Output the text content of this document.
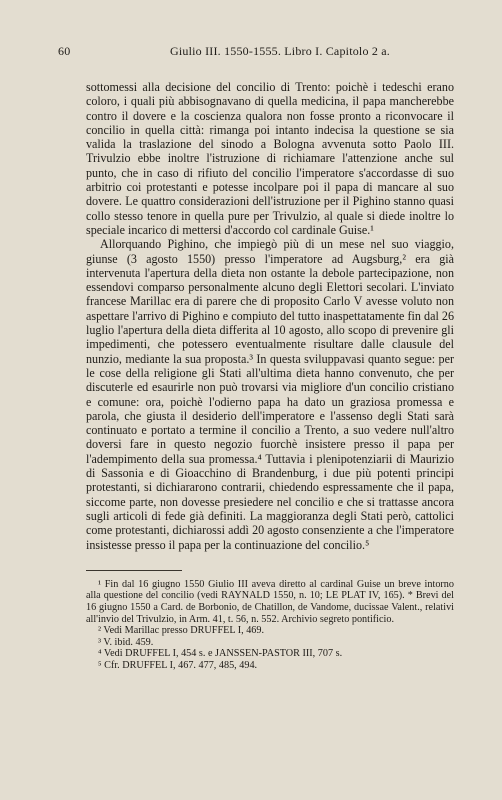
60	Giulio III. 1550-1555. Libro I. Capitolo 2 a.

sottomessi alla decisione del concilio di Trento: poichè i tedeschi erano coloro, i quali più abbisognavano di quella medicina, il papa mancherebbe contro il dovere e la coscienza qualora non fosse pronto a riconvocare il concilio in quella città: rimanga poi intanto indecisa la questione se sia valida la traslazione del sinodo a Bologna avvenuta sotto Paolo III. Trivulzio ebbe inoltre l'istruzione di richiamare l'attenzione anche sul punto, che in caso di rifiuto del concilio l'imperatore s'accordasse di suo arbitrio coi protestanti e potesse incolpare poi il papa di mancare al suo dovere. Le quattro considerazioni dell'istruzione per il Pighino stanno quasi collo stesso tenore in quella pure per Trivulzio, al quale si diede inoltre lo speciale incarico di mettersi d'accordo col cardinale Guise.¹

Allorquando Pighino, che impiegò più di un mese nel suo viaggio, giunse (3 agosto 1550) presso l'imperatore ad Augsburg,² era già intervenuta l'apertura della dieta non ostante la debole partecipazione, non essendovi comparso personalmente alcuno degli Elettori secolari. L'inviato francese Marillac era di parere che di proposito Carlo V avesse voluto non aspettare l'arrivo di Pighino e compiuto del tutto inaspettatamente fin dal 26 luglio l'apertura della dieta differita al 10 agosto, allo scopo di prevenire gli impedimenti, che potessero eventualmente risultare dalle clausule del nunzio, mediante la sua proposta.³ In questa sviluppavasi quanto segue: per le cose della religione gli Stati all'ultima dieta hanno convenuto, che per discuterle ed esaurirle non può trovarsi via migliore d'un concilio cristiano e comune: ora, poichè l'odierno papa ha dato un graziosa promessa e parola, che giusta il desiderio dell'imperatore e l'assenso degli Stati sarà continuato e portato a termine il concilio a Trento, a suo vedere null'altro doversi fare in questo negozio fuorchè insistere presso il papa per l'adempimento della sua promessa.⁴ Tuttavia i plenipotenziarii di Maurizio di Sassonia e di Gioacchino di Brandenburg, i due più potenti principi protestanti, si dichiararono contrarii, chiedendo espressamente che il papa, siccome parte, non dovesse presiedere nel concilio e che si trattasse ancora sugli articoli di fede già definiti. La maggioranza degli Stati però, cattolici come protestanti, dichiarossi addì 20 agosto consenziente a che l'imperatore insistesse presso il papa per la continuazione del concilio.⁵

¹ Fin dal 16 giugno 1550 Giulio III aveva diretto al cardinal Guise un breve intorno alla questione del concilio (vedi RAYNALD 1550, n. 10; LE PLAT IV, 165). * Brevi del 16 giugno 1550 a Card. de Borbonio, de Chatillon, de Vandome, ducissae Valent., relativi all'invio del Trivulzio, in Arm. 41, t. 56, n. 552. Archivio segreto pontificio.

² Vedi Marillac presso DRUFFEL I, 469.

³ V. ibid. 459.

⁴ Vedi DRUFFEL I, 454 s. e JANSSEN-PASTOR III, 707 s.

⁵ Cfr. DRUFFEL I, 467. 477, 485, 494.
